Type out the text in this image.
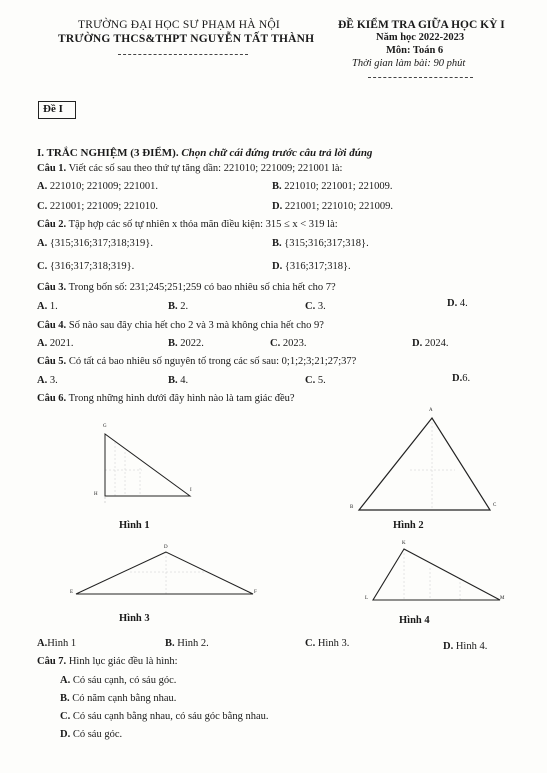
TRƯỜNG ĐẠI HỌC SƯ PHẠM HÀ NỘI
TRƯỜNG THCS&THPT NGUYỄN TẤT THÀNH
ĐỀ KIỂM TRA GIỮA HỌC KỲ I
Năm học 2022-2023
Môn: Toán 6
Thời gian làm bài: 90 phút
Đề I
I. TRẮC NGHIỆM (3 ĐIỂM). Chọn chữ cái đứng trước câu trả lời đúng
Câu 1. Viết các số sau theo thứ tự tăng dần: 221010; 221009; 221001 là:
A. 221010; 221009; 221001.	B. 221010; 221001; 221009.
C. 221001; 221009; 221010.	D. 221001; 221010; 221009.
Câu 2. Tập hợp các số tự nhiên x thỏa mãn điều kiện: 315 ≤ x < 319 là:
A. {315;316;317;318;319}.	B. {315;316;317;318}.
C. {316;317;318;319}.	D. {316;317;318}.
Câu 3. Trong bốn số: 231;245;251;259 có bao nhiêu số chia hết cho 7?
A. 1.	B. 2.	C. 3.	D. 4.
Câu 4. Số nào sau đây chia hết cho 2 và 3 mà không chia hết cho 9?
A. 2021.	B. 2022.	C. 2023.	D. 2024.
Câu 5. Có tất cả bao nhiêu số nguyên tố trong các số sau: 0;1;2;3;21;27;37?
A. 3.	B. 4.	C. 5.	D.6.
Câu 6. Trong những hình dưới đây hình nào là tam giác đều?
G
H
I
A
B	C
D
E	F
K
L	M
Hình 1	Hình 2
Hình 3	Hình 4
A.Hình 1	B. Hình 2.	C. Hình 3.	D. Hình 4.
Câu 7. Hình lục giác đều là hình:
A. Có sáu cạnh, có sáu góc.
B. Có năm cạnh bằng nhau.
C. Có sáu cạnh bằng nhau, có sáu góc bằng nhau.
D. Có sáu góc.
